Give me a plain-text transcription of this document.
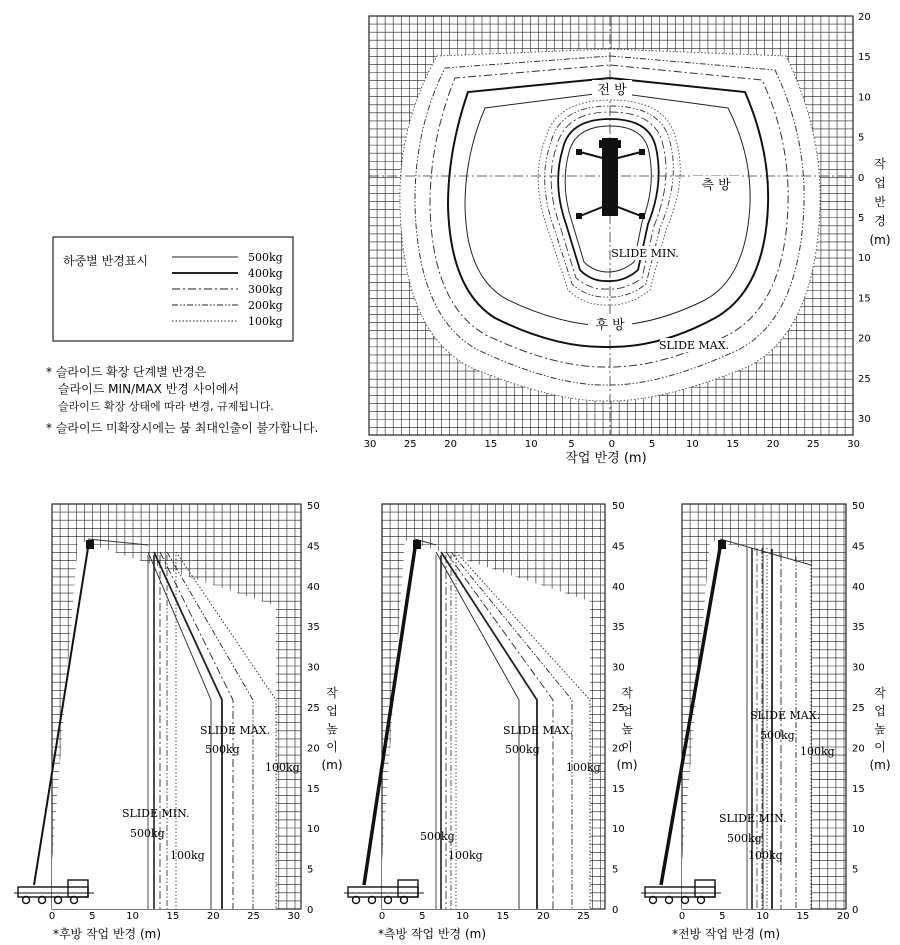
전 방
측 방
후 방
SLIDE MIN.
SLIDE MAX.
30	25	20	15	10	5	0	5	10	15	20	25	30
20
15
10
5
0
5
10
15
20
25
30
작업 반경 (m)
작
업
반
경
(m)
하중별 반경표시	500kg
400kg
300kg
200kg
100kg
* 슬라이드 확장 단계별 반경은
슬라이드 MIN/MAX 반경 사이에서
슬라이드 확장 상태에 따라 변경, 규제됩니다.
* 슬라이드 미확장시에는 붐 최대인출이 불가합니다.
0	5	10	15	20	25	30
0
5
10
15
20
25
30
35
40
45
50
작
업
높
이
(m)
*후방 작업 반경 (m)
SLIDE MAX.
500kg
100kg
SLIDE MIN.
500kg
100kg
0	5	10	15	20	25
0
5
10
15
20
25
30
35
40
45
50
작
업
높
이
(m)
*측방 작업 반경 (m)
SLIDE MAX.
500kg
100kg
500kg
100kg
0	5	10	15	20
0
5
10
15
20
25
30
35
40
45
50
작
업
높
이
(m)
*전방 작업 반경 (m)
SLIDE MAX.
500kg
100kg
SLIDE MIN.
500kg
100kg
